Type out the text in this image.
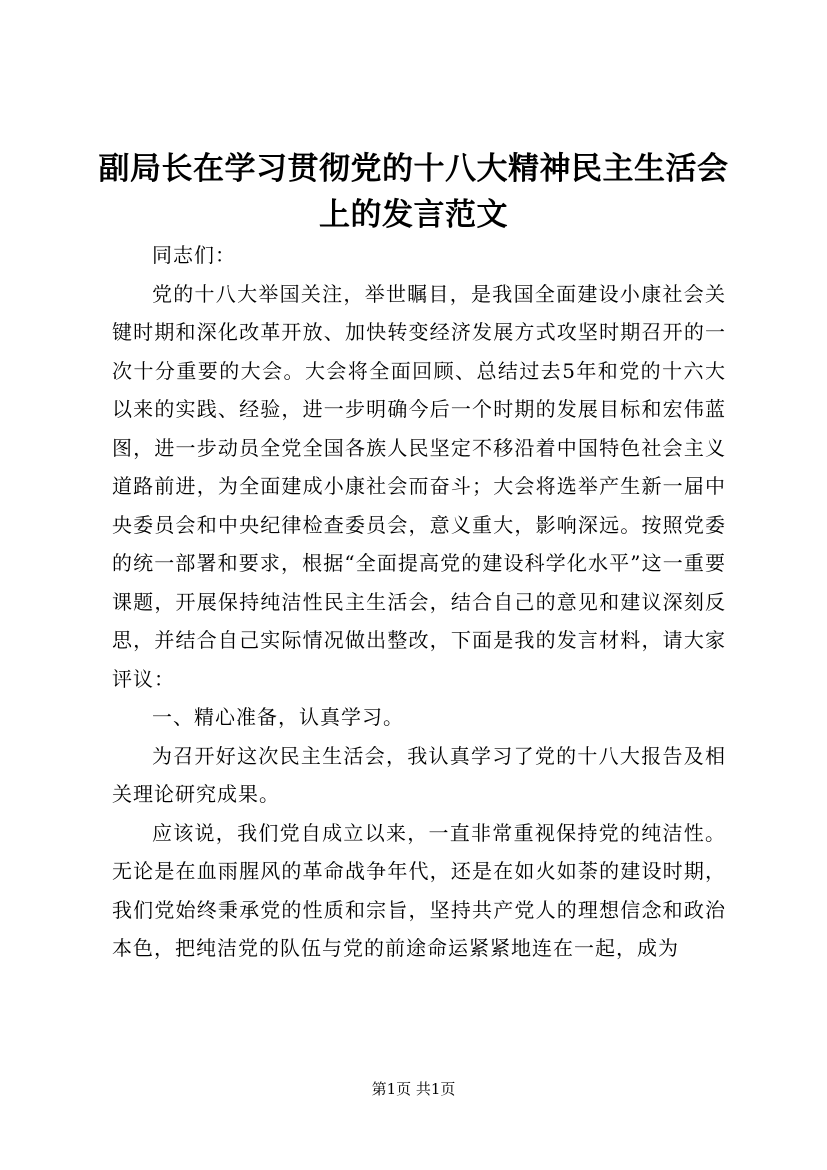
副局长在学习贯彻党的十八大精神民主生活会
上的发言范文

同志们：

党的十八大举国关注，举世瞩目，是我国全面建设小康社会关键时期和深化改革开放、加快转变经济发展方式攻坚时期召开的一次十分重要的大会。大会将全面回顾、总结过去5年和党的十六大以来的实践、经验，进一步明确今后一个时期的发展目标和宏伟蓝图，进一步动员全党全国各族人民坚定不移沿着中国特色社会主义道路前进，为全面建成小康社会而奋斗；大会将选举产生新一届中央委员会和中央纪律检查委员会，意义重大，影响深远。按照党委的统一部署和要求，根据“全面提高党的建设科学化水平”这一重要课题，开展保持纯洁性民主生活会，结合自己的意见和建议深刻反思，并结合自己实际情况做出整改，下面是我的发言材料，请大家评议：

一、精心准备，认真学习。

为召开好这次民主生活会，我认真学习了党的十八大报告及相关理论研究成果。

应该说，我们党自成立以来，一直非常重视保持党的纯洁性。无论是在血雨腥风的革命战争年代，还是在如火如荼的建设时期，我们党始终秉承党的性质和宗旨，坚持共产党人的理想信念和政治本色，把纯洁党的队伍与党的前途命运紧紧地连在一起，成为

第1页 共1页
